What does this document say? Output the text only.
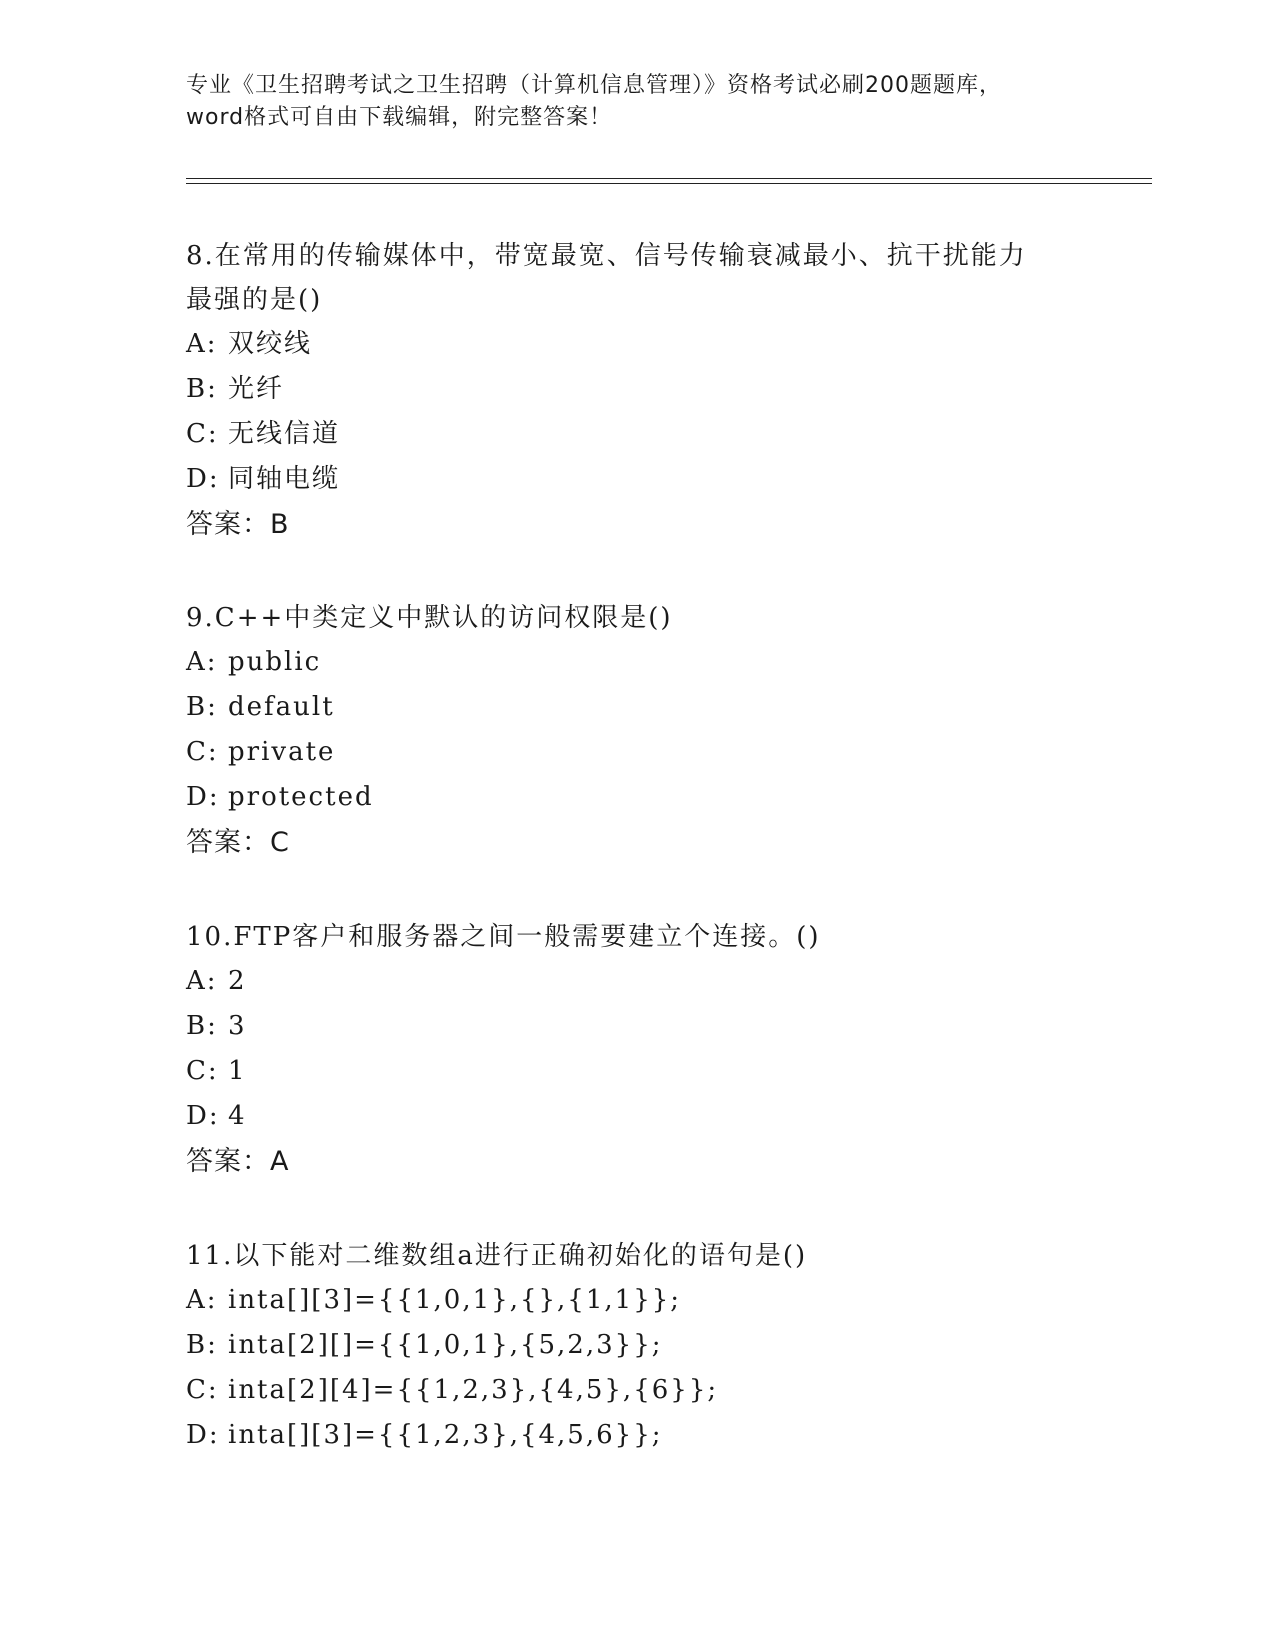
专业《卫生招聘考试之卫生招聘（计算机信息管理）》资格考试必刷200题题库，
word格式可自由下载编辑，附完整答案！
8.在常用的传输媒体中，带宽最宽、信号传输衰减最小、抗干扰能力
最强的是()
A: 双绞线
B: 光纤
C: 无线信道
D: 同轴电缆
答案：B
9.C++中类定义中默认的访问权限是()
A: public
B: default
C: private
D: protected
答案：C
10.FTP客户和服务器之间一般需要建立个连接。()
A: 2
B: 3
C: 1
D: 4
答案：A
11.以下能对二维数组a进行正确初始化的语句是()
A: inta[][3]={{1,0,1},{},{1,1}};
B: inta[2][]={{1,0,1},{5,2,3}};
C: inta[2][4]={{1,2,3},{4,5},{6}};
D: inta[][3]={{1,2,3},{4,5,6}};
